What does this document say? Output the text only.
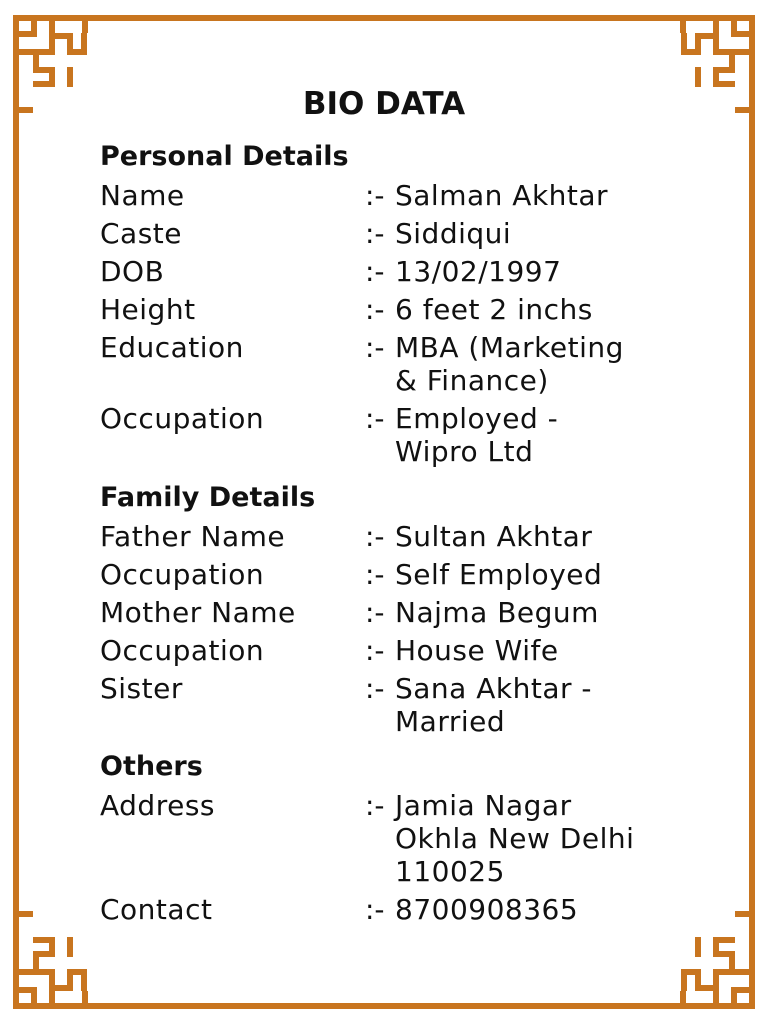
BIO DATA
Personal Details
Name	:- Salman Akhtar
Caste	:- Siddiqui
DOB	:- 13/02/1997
Height	:- 6 feet 2 inchs
Education	:- MBA (Marketing
& Finance)
Occupation	:- Employed -
Wipro Ltd
Family Details
Father Name	:- Sultan Akhtar
Occupation	:- Self Employed
Mother Name	:- Najma Begum
Occupation	:- House Wife
Sister	:- Sana Akhtar -
Married
Others
Address	:- Jamia Nagar
Okhla New Delhi
110025
Contact	:- 8700908365
